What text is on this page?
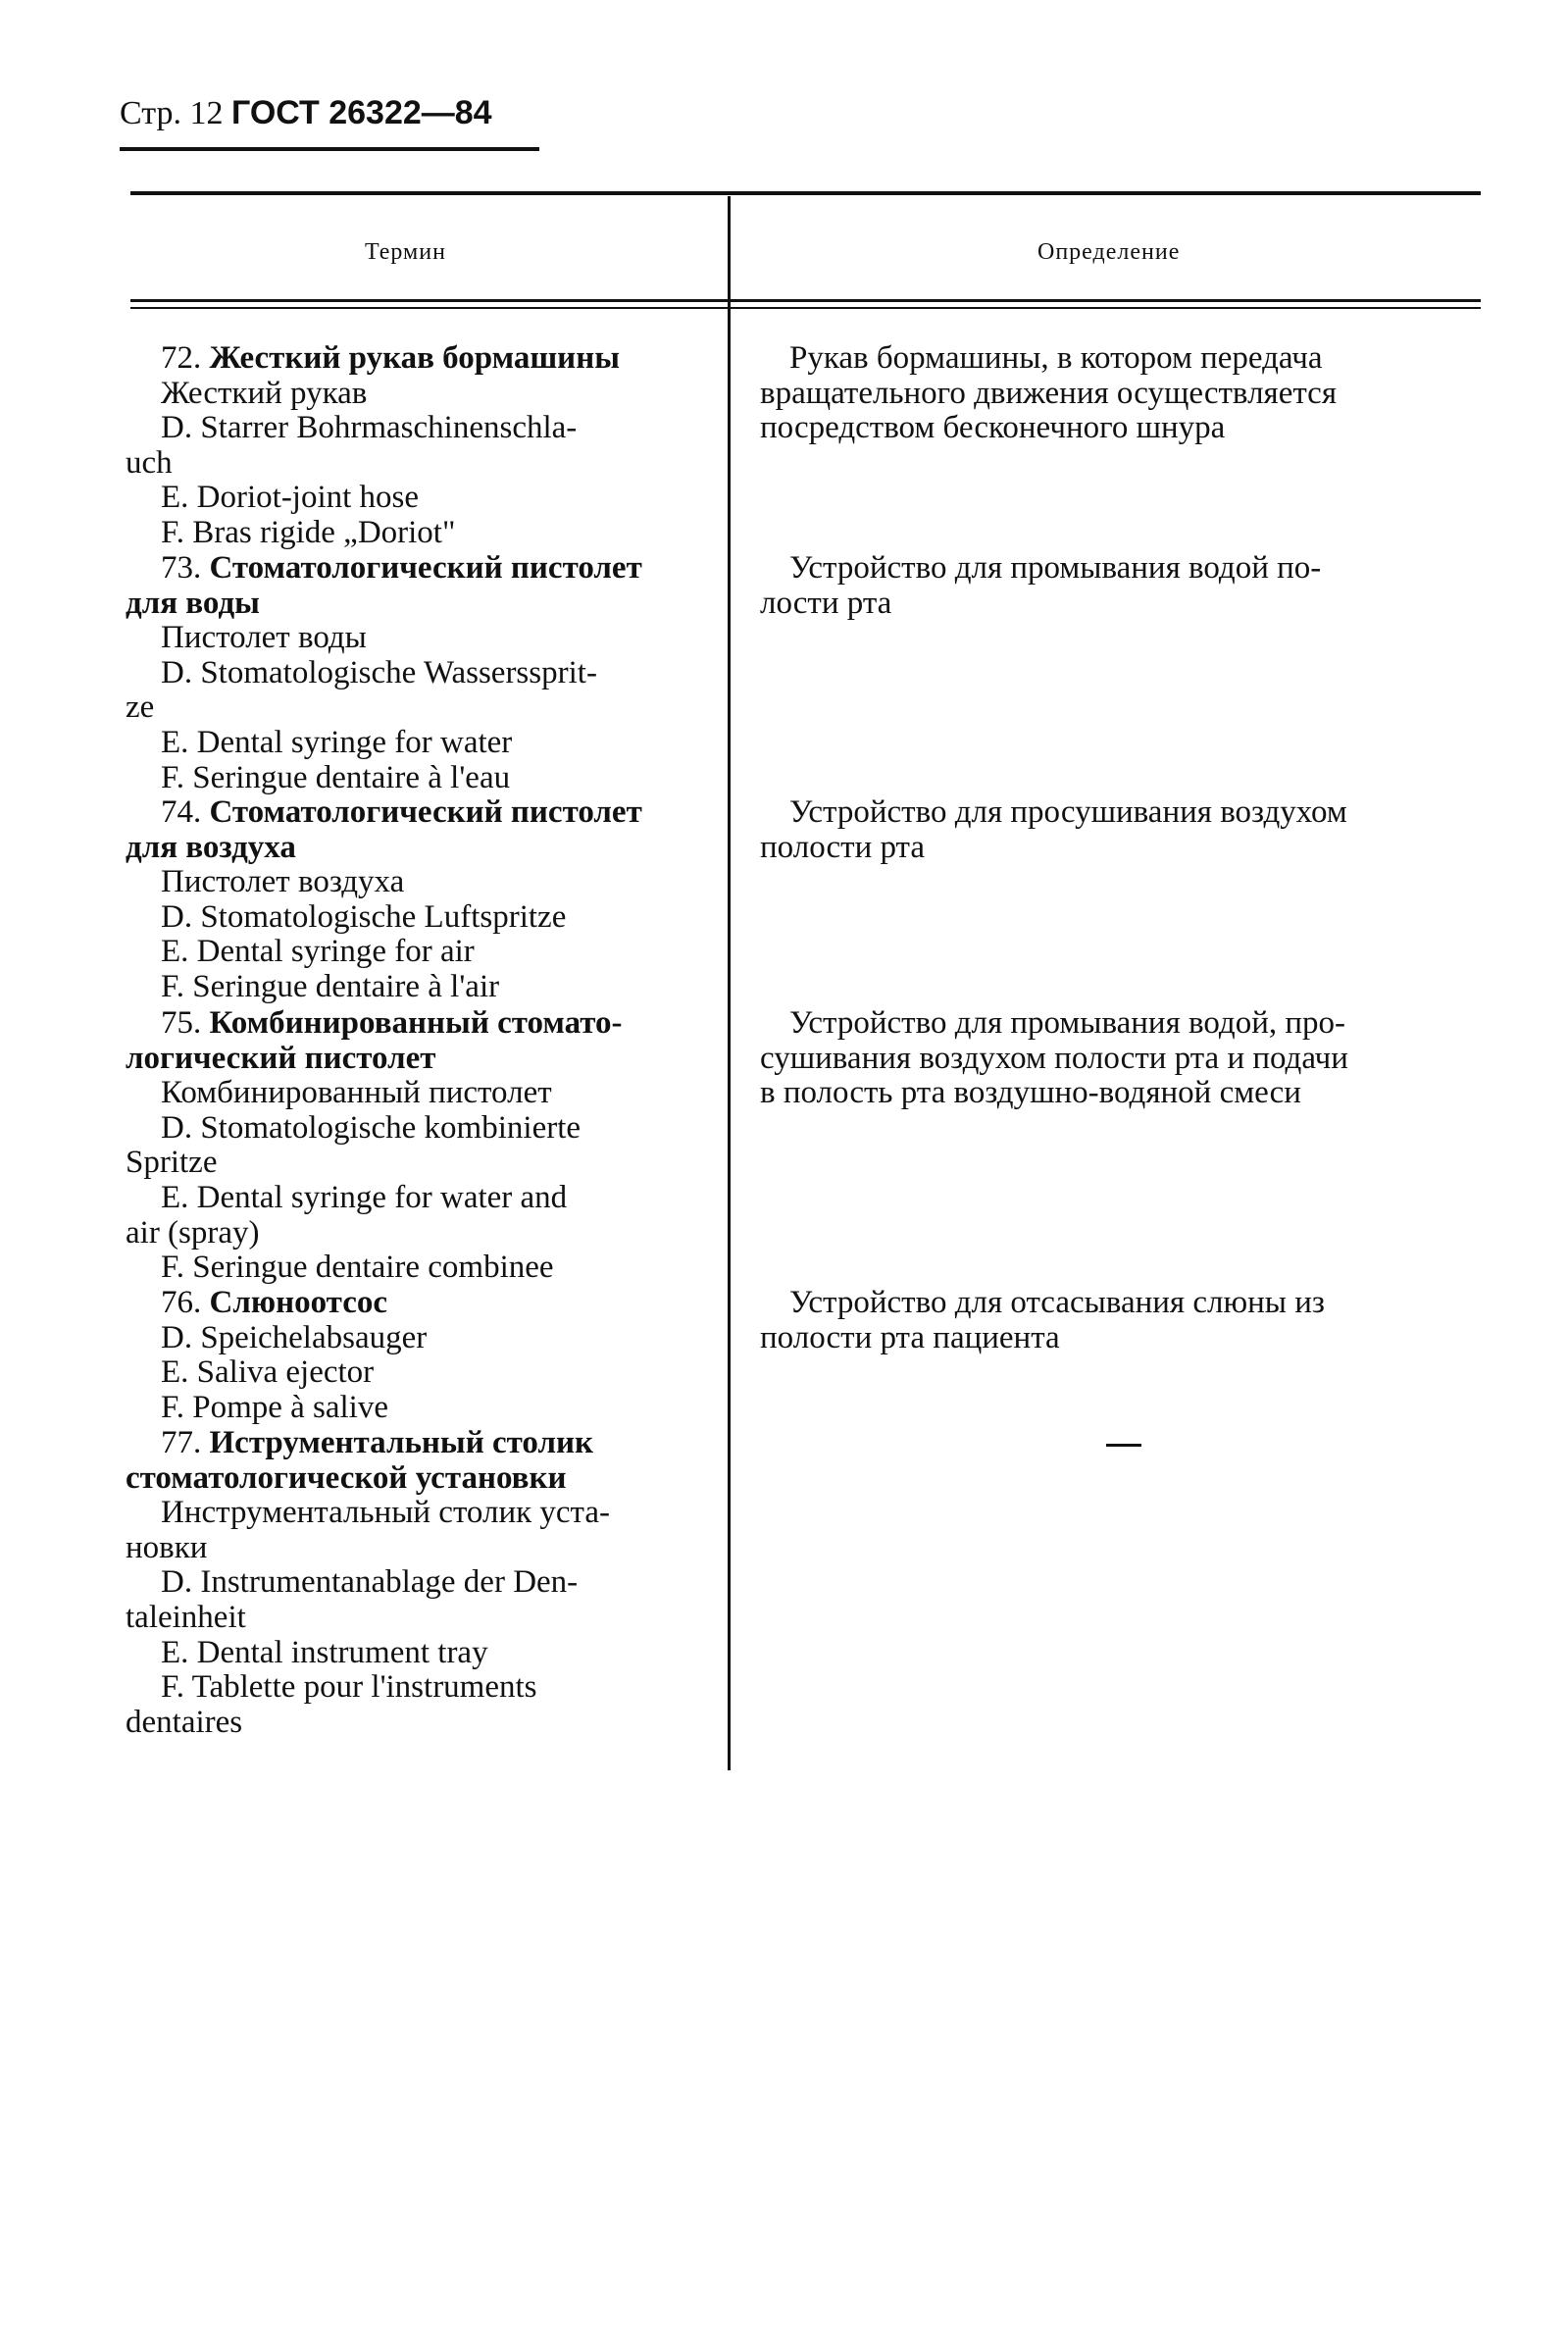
Стр. 12 ГОСТ 26322—84
Термин	Определение
72. Жесткий рукав бормашины
Жесткий рукав
D. Starrer Bohrmaschinenschla-
uch
E. Doriot-joint hose
F. Bras rigide „Doriot"
Рукав бормашины, в котором передача
вращательного движения осуществляется
посредством бесконечного шнура
73. Стоматологический пистолет
для воды
Пистолет воды
D. Stomatologische Wasserssprit-
ze
E. Dental syringe for water
F. Seringue dentaire à l'eau
Устройство для промывания водой по-
лости рта
74. Стоматологический пистолет
для воздуха
Пистолет воздуха
D. Stomatologische Luftspritze
E. Dental syringe for air
F. Seringue dentaire à l'air
Устройство для просушивания воздухом
полости рта
75. Комбинированный стомато-
логический пистолет
Комбинированный пистолет
D. Stomatologische kombinierte
Spritze
E. Dental syringe for water and
air (spray)
F. Seringue dentaire combinee
Устройство для промывания водой, про-
сушивания воздухом полости рта и подачи
в полость рта воздушно-водяной смеси
76. Слюноотсос
D. Speichelabsauger
E. Saliva ejector
F. Pompe à salive
Устройство для отсасывания слюны из
полости рта пациента
77. Иструментальный столик
стоматологической установки
Инструментальный столик уста-
новки
D. Instrumentanablage der Den-
taleinheit
E. Dental instrument tray
F. Tablette pour l'instruments
dentaires
